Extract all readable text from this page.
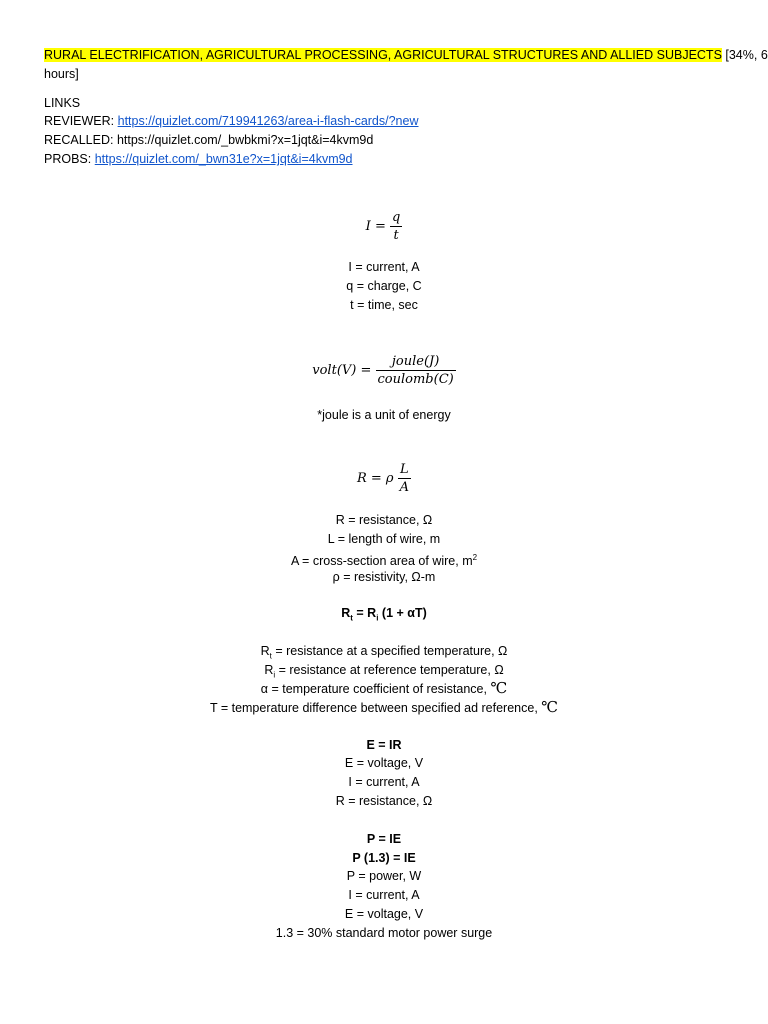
RURAL ELECTRIFICATION, AGRICULTURAL PROCESSING, AGRICULTURAL STRUCTURES AND ALLIED SUBJECTS [34%, 6
hours]
LINKS
REVIEWER: https://quizlet.com/719941263/area-i-flash-cards/?new
RECALLED: https://quizlet.com/_bwbkmi?x=1jqt&i=4kvm9d
PROBS: https://quizlet.com/_bwn31e?x=1jqt&i=4kvm9d
$I = \frac{q}{t}$
I = current, A
q = charge, C
t = time, sec
volt(V) = $\frac{\text{joule(J)}}{\text{coulomb(C)}}$
*joule is a unit of energy
R = ρ $\frac{L}{A}$
R = resistance, Ω
L = length of wire, m
A = cross-section area of wire, $m^2$
ρ = resistivity, Ω-m
$R_t = R_i$ (1 + αT)
$R_t$ = resistance at a specified temperature, Ω
$R_i$ = resistance at reference temperature, Ω
α = temperature coefficient of resistance, ℃
T = temperature difference between specified ad reference, ℃
E = IR
E = voltage, V
I = current, A
R = resistance, Ω
P = IE
P (1.3) = IE
P = power, W
I = current, A
E = voltage, V
1.3 = 30% standard motor power surge
